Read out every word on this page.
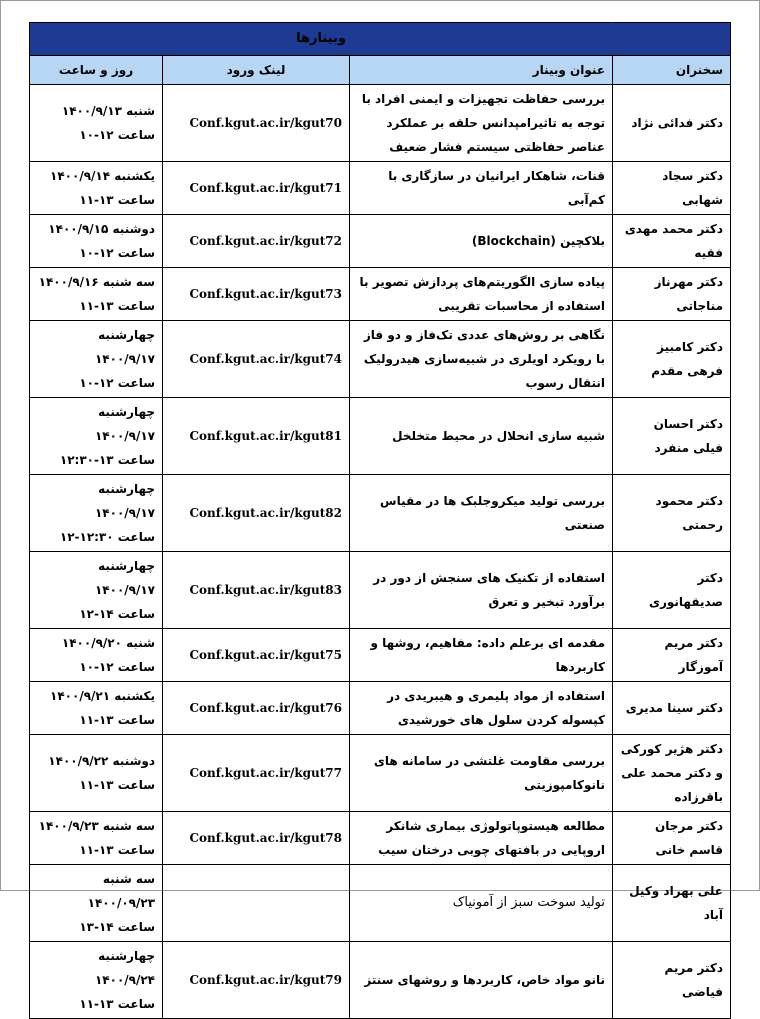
	وبینارها		
سخنران	عنوان وبینار	لینک ورود	روز و ساعت
دکتر فدائی نژاد	بررسی حفاظت تجهیزات و ایمنی افراد با توجه به تاثیرامپدانس حلقه بر عملکرد عناصر حفاظتی سیستم فشار ضعیف	Conf.kgut.ac.ir/kgut70	شنبه ۱۴۰۰/۹/۱۳
ساعت ۱۲-۱۰

دکتر سجاد شهابی	قنات، شاهکار ایرانیان در سازگاری با کم‌آبی	Conf.kgut.ac.ir/kgut71	یکشنبه ۱۴۰۰/۹/۱۴
ساعت ۱۳-۱۱

دکتر محمد مهدی فقیه	بلاکچین (Blockchain)	Conf.kgut.ac.ir/kgut72	دوشنبه ۱۴۰۰/۹/۱۵
ساعت ۱۲-۱۰

دکتر مهرناز مناجاتی	پیاده سازی الگوریتم‌های پردازش تصویر با استفاده از محاسبات تقریبی	Conf.kgut.ac.ir/kgut73	سه شنبه ۱۴۰۰/۹/۱۶
ساعت ۱۳-۱۱

دکتر کامبیز فرهی مقدم	نگاهی بر روش‌های عددی تک‌فاز و دو فاز با رویکرد اویلری در شبیه‌سازی هیدرولیک انتقال رسوب	Conf.kgut.ac.ir/kgut74	چهارشنبه ۱۴۰۰/۹/۱۷
ساعت ۱۲-۱۰

دکتر احسان فیلی منفرد	شبیه سازی انحلال در محیط متخلخل	Conf.kgut.ac.ir/kgut81	چهارشنبه ۱۴۰۰/۹/۱۷
ساعت ۱۳-۱۲:۳۰

دکتر محمود رحمتی	بررسی تولید میکروجلبک ها در مقیاس صنعتی	Conf.kgut.ac.ir/kgut82	چهارشنبه ۱۴۰۰/۹/۱۷
ساعت ۱۲:۳۰-۱۲

دکتر صدیقهانوری	استفاده از تکنیک های سنجش از دور در برآورد تبخیر و تعرق	Conf.kgut.ac.ir/kgut83	چهارشنبه ۱۴۰۰/۹/۱۷
ساعت ۱۴-۱۲

دکتر مریم آموزگار	مقدمه ای برعلم داده: مفاهیم، روشها و کاربردها	Conf.kgut.ac.ir/kgut75	شنبه ۱۴۰۰/۹/۲۰
ساعت ۱۲-۱۰

دکتر سینا مدیری	استفاده از مواد پلیمری و هیبریدی در کپسوله کردن سلول های خورشیدی	Conf.kgut.ac.ir/kgut76	یکشنبه ۱۴۰۰/۹/۲۱
ساعت ۱۳-۱۱

دکتر هژیر کورکی و دکتر محمد علی باقرزاده	بررسی مقاومت غلتشی در سامانه های نانوکامپوزیتی	Conf.kgut.ac.ir/kgut77	دوشنبه ۱۴۰۰/۹/۲۲
ساعت ۱۳-۱۱

دکتر مرجان قاسم خانی	مطالعه هیستوپاتولوژی بیماری شانکر اروپایی در بافتهای چوبی درختان سیب	Conf.kgut.ac.ir/kgut78	سه شنبه ۱۴۰۰/۹/۲۳
ساعت ۱۳-۱۱

علی بهراد وکیل آباد	تولید سوخت سبز از آمونیاک		سه شنبه ۱۴۰۰/۰۹/۲۳
ساعت ۱۴-۱۳

دکتر مریم فیاضی	نانو مواد خاص، کاربردها و روشهای سنتز	Conf.kgut.ac.ir/kgut79	چهارشنبه ۱۴۰۰/۹/۲۴
ساعت ۱۳-۱۱
